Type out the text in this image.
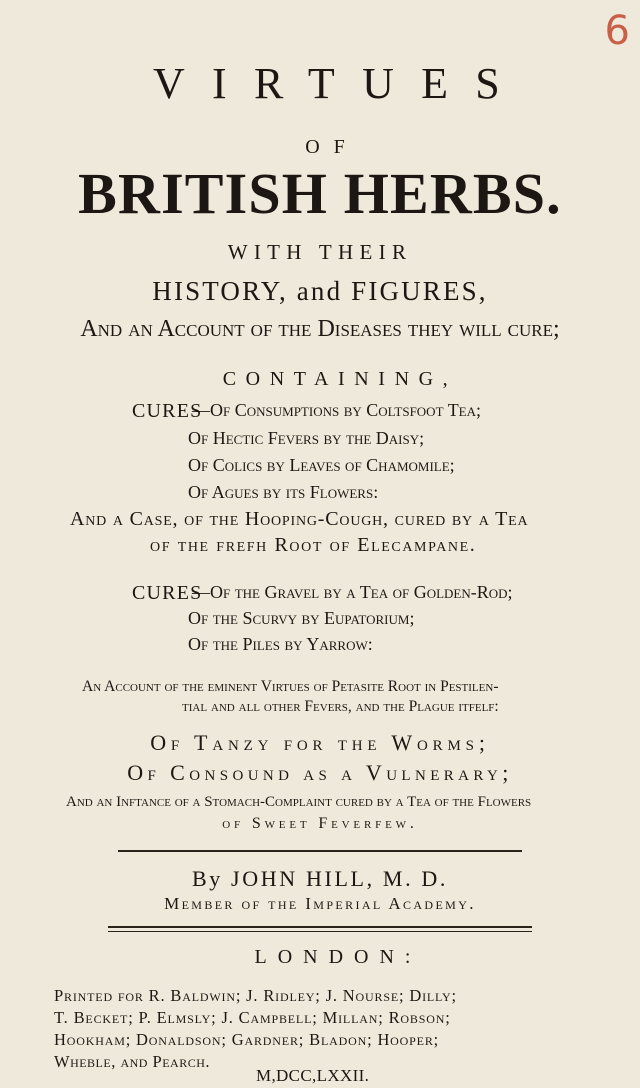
6
VIRTUES
OF
BRITISH HERBS.
WITH THEIR
HISTORY, and FIGURES,
And an Account of the Diseases they will cure;
CONTAINING,
CURES
—Of Consumptions by Coltsfoot Tea;
Of Hectic Fevers by the Daisy;
Of Colics by Leaves of Chamomile;
Of Agues by its Flowers:
And a Case, of the Hooping-Cough, cured by a Tea
of the frefh Root of Elecampane.
CURES
—Of the Gravel by a Tea of Golden-Rod;
Of the Scurvy by Eupatorium;
Of the Piles by Yarrow:
An Account of the eminent Virtues of Petasite Root in Pestilen-
tial and all other Fevers, and the Plague itfelf:
Of Tanzy for the Worms;
Of Consound as a Vulnerary;
And an Inftance of a Stomach-Complaint cured by a Tea of the Flowers
of Sweet Feverfew.
By JOHN HILL, M. D.
Member of the Imperial Academy.
LONDON:
Printed for R. Baldwin; J. Ridley; J. Nourse; Dilly;
T. Becket; P. Elmsly; J. Campbell; Millan; Robson;
Hookham; Donaldson; Gardner; Bladon; Hooper;
Wheble, and Pearch.
M,DCC,LXXII.
